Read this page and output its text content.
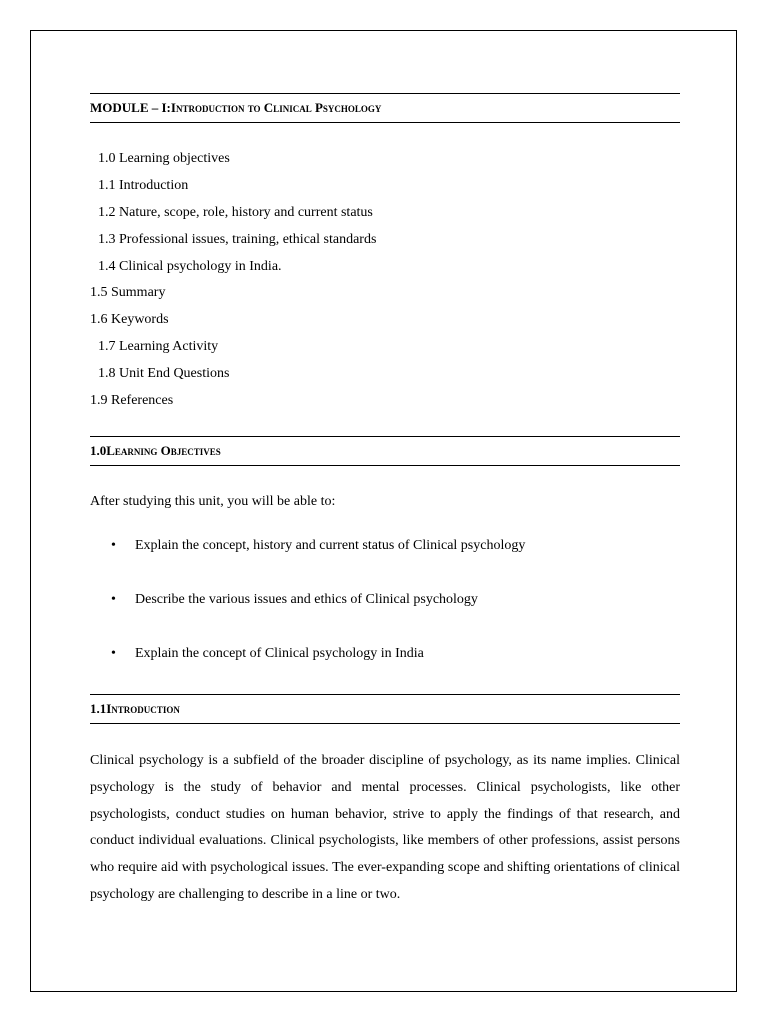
MODULE – I: Introduction to Clinical Psychology
1.0 Learning objectives
1.1 Introduction
1.2 Nature, scope, role, history and current status
1.3 Professional issues, training, ethical standards
1.4 Clinical psychology in India.
1.5 Summary
1.6 Keywords
1.7 Learning Activity
1.8 Unit End Questions
1.9 References
1.0 Learning Objectives
After studying this unit, you will be able to:
• Explain the concept, history and current status of Clinical psychology
• Describe the various issues and ethics of Clinical psychology
• Explain the concept of Clinical psychology in India
1.1 Introduction
Clinical psychology is a subfield of the broader discipline of psychology, as its name implies. Clinical psychology is the study of behavior and mental processes. Clinical psychologists, like other psychologists, conduct studies on human behavior, strive to apply the findings of that research, and conduct individual evaluations. Clinical psychologists, like members of other professions, assist persons who require aid with psychological issues. The ever-expanding scope and shifting orientations of clinical psychology are challenging to describe in a line or two.
